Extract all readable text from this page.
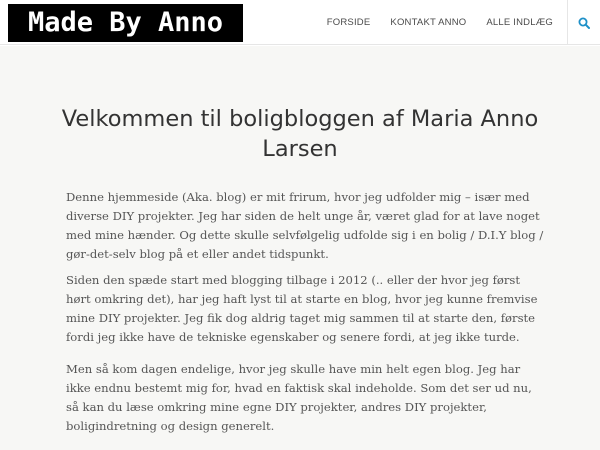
Made By Anno	FORSIDE	KONTAKT ANNO	ALLE INDLÆG
Velkommen til boligbloggen af Maria Anno Larsen

Denne hjemmeside (Aka. blog) er mit frirum, hvor jeg udfolder mig – især med diverse DIY projekter. Jeg har siden de helt unge år, været glad for at lave noget med mine hænder. Og dette skulle selvfølgelig udfolde sig i en bolig / D.I.Y blog / gør-det-selv blog på et eller andet tidspunkt.

Siden den spæde start med blogging tilbage i 2012 (.. eller der hvor jeg først hørt omkring det), har jeg haft lyst til at starte en blog, hvor jeg kunne fremvise mine DIY projekter. Jeg fik dog aldrig taget mig sammen til at starte den, første fordi jeg ikke have de tekniske egenskaber og senere fordi, at jeg ikke turde.

Men så kom dagen endelige, hvor jeg skulle have min helt egen blog. Jeg har ikke endnu bestemt mig for, hvad en faktisk skal indeholde. Som det ser ud nu, så kan du læse omkring mine egne DIY projekter, andres DIY projekter, boligindretning og design generelt.
